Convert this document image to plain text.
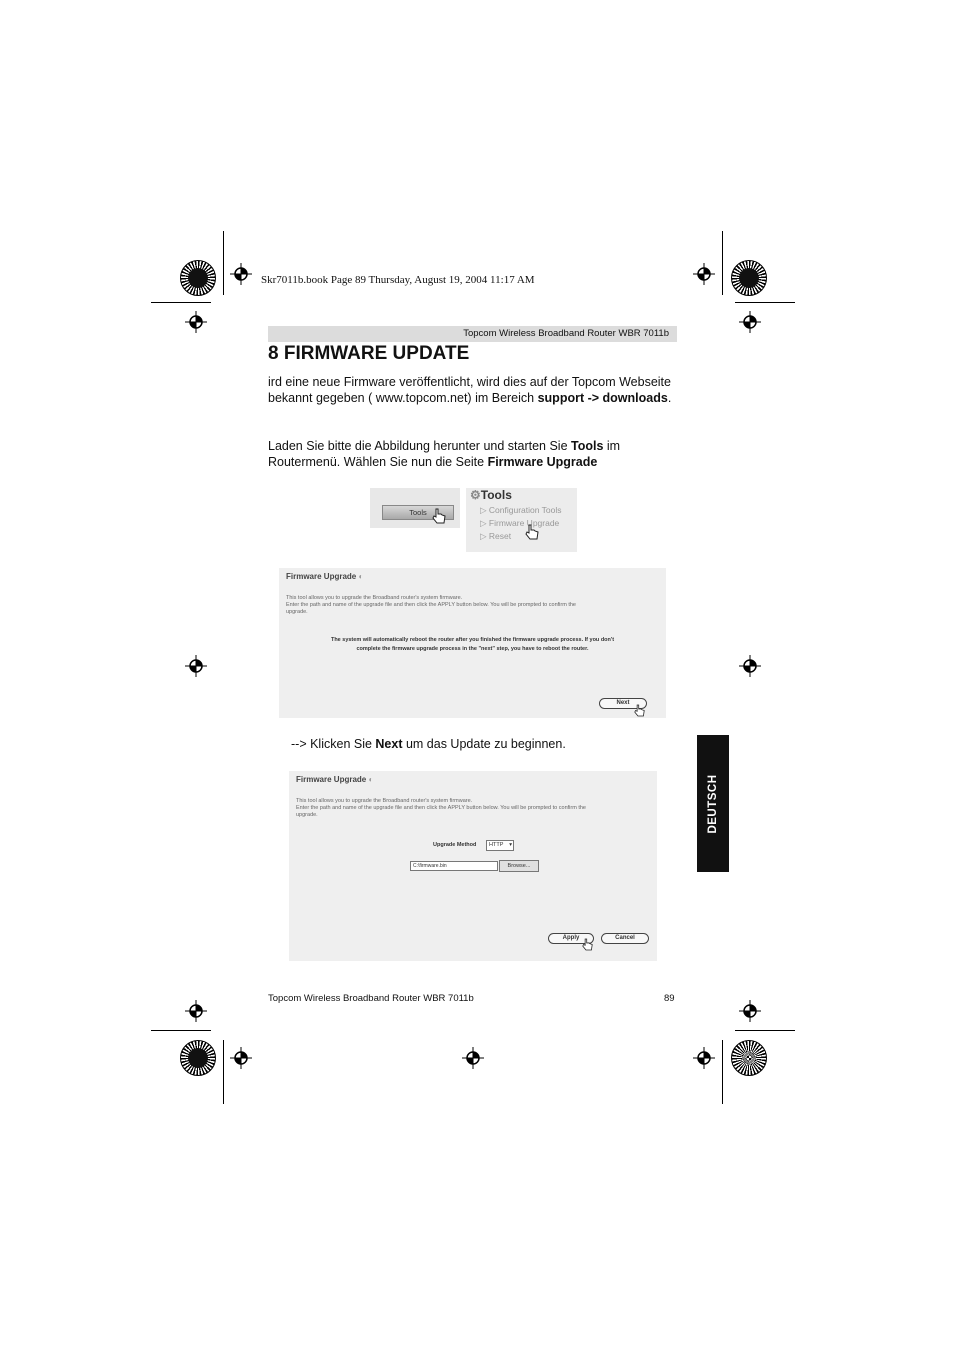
Skr7011b.book Page 89 Thursday, August 19, 2004 11:17 AM
Topcom Wireless Broadband Router WBR 7011b
8 FIRMWARE UPDATE

ird eine neue Firmware veröffentlicht, wird dies auf der Topcom Webseite bekannt gegeben ( www.topcom.net) im Bereich support -> downloads.

Laden Sie bitte die Abbildung herunter und starten Sie Tools im Routermenü. Wählen Sie nun die Seite Firmware Upgrade

Tools
⚙Tools
▷ Configuration Tools
▷ Firmware Upgrade
▷ Reset
Firmware Upgrade ◐
This tool allows you to upgrade the Broadband router's system firmware.
Enter the path and name of the upgrade file and then click the APPLY button below. You will be prompted to confirm the
upgrade.
The system will automatically reboot the router after you finished the firmware upgrade process. If you don't
complete the firmware upgrade process in the "next" step, you have to reboot the router.
Next
--> Klicken Sie Next um das Update zu beginnen.
Firmware Upgrade ◐
This tool allows you to upgrade the Broadband router's system firmware.
Enter the path and name of the upgrade file and then click the APPLY button below. You will be prompted to confirm the
upgrade.
Upgrade Method	HTTP ▾
C:\firmware.bin	Browse...
Apply	Cancel
DEUTSCH
Topcom Wireless Broadband Router WBR 7011b	89
